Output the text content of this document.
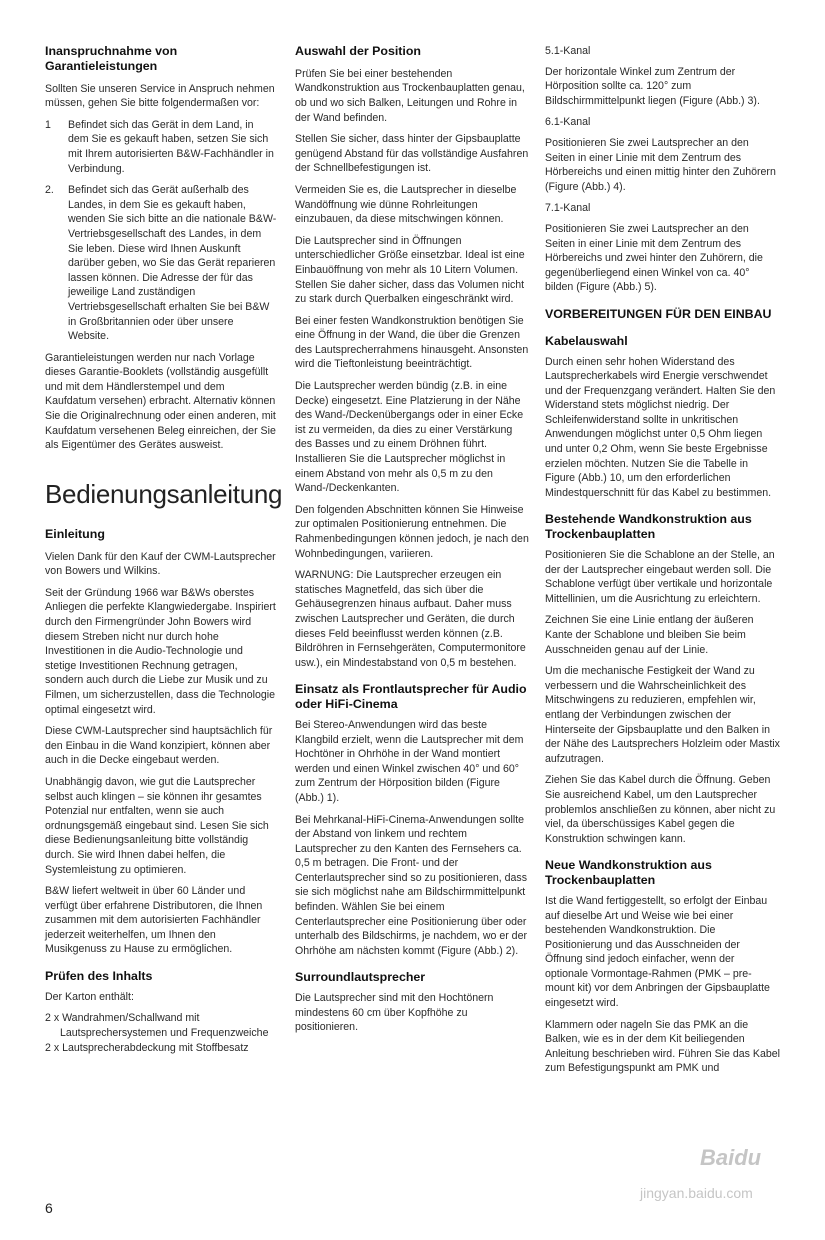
Inanspruchnahme von Garantieleistungen

Sollten Sie unseren Service in Anspruch nehmen müssen, gehen Sie bitte folgendermaßen vor:

1 Befindet sich das Gerät in dem Land, in dem Sie es gekauft haben, setzen Sie sich mit Ihrem autorisierten B&W-Fachhändler in Verbindung.
2. Befindet sich das Gerät außerhalb des Landes, in dem Sie es gekauft haben, wenden Sie sich bitte an die nationale B&W-Vertriebsgesellschaft des Landes, in dem Sie leben. Diese wird Ihnen Auskunft darüber geben, wo Sie das Gerät reparieren lassen können. Die Adresse der für das jeweilige Land zuständigen Vertriebsgesellschaft erhalten Sie bei B&W in Großbritannien oder über unsere Website.

Garantieleistungen werden nur nach Vorlage dieses Garantie-Booklets (vollständig ausgefüllt und mit dem Händlerstempel und dem Kaufdatum versehen) erbracht. Alternativ können Sie die Originalrechnung oder einen anderen, mit Kaufdatum versehenen Beleg einreichen, der Sie als Eigentümer des Gerätes ausweist.

Bedienungsanleitung
Einleitung

Vielen Dank für den Kauf der CWM-Lautsprecher von Bowers und Wilkins.

Seit der Gründung 1966 war B&Ws oberstes Anliegen die perfekte Klangwiedergabe. Inspiriert durch den Firmengründer John Bowers wird diesem Streben nicht nur durch hohe Investitionen in die Audio-Technologie und stetige Investitionen Rechnung getragen, sondern auch durch die Liebe zur Musik und zu Filmen, um sicherzustellen, dass die Technologie optimal eingesetzt wird.

Diese CWM-Lautsprecher sind hauptsächlich für den Einbau in die Wand konzipiert, können aber auch in die Decke eingebaut werden.

Unabhängig davon, wie gut die Lautsprecher selbst auch klingen – sie können ihr gesamtes Potenzial nur entfalten, wenn sie auch ordnungsgemäß eingebaut sind. Lesen Sie sich diese Bedienungsanleitung bitte vollständig durch. Sie wird Ihnen dabei helfen, die Systemleistung zu optimieren.

B&W liefert weltweit in über 60 Länder und verfügt über erfahrene Distributoren, die Ihnen zusammen mit dem autorisierten Fachhändler jederzeit weiterhelfen, um Ihnen den Musikgenuss zu Hause zu ermöglichen.

Prüfen des Inhalts

Der Karton enthält:

2 x Wandrahmen/Schallwand mit Lautsprechersystemen und Frequenzweiche

2 x Lautsprecherabdeckung mit Stoffbesatz

Auswahl der Position

Prüfen Sie bei einer bestehenden Wandkonstruktion aus Trockenbauplatten genau, ob und wo sich Balken, Leitungen und Rohre in der Wand befinden.

Stellen Sie sicher, dass hinter der Gipsbauplatte genügend Abstand für das vollständige Ausfahren der Schnellbefestigungen ist.

Vermeiden Sie es, die Lautsprecher in dieselbe Wandöffnung wie dünne Rohrleitungen einzubauen, da diese mitschwingen können.

Die Lautsprecher sind in Öffnungen unterschiedlicher Größe einsetzbar. Ideal ist eine Einbauöffnung von mehr als 10 Litern Volumen. Stellen Sie daher sicher, dass das Volumen nicht zu stark durch Querbalken eingeschränkt wird.

Bei einer festen Wandkonstruktion benötigen Sie eine Öffnung in der Wand, die über die Grenzen des Lautsprecherrahmens hinausgeht. Ansonsten wird die Tieftonleistung beeinträchtigt.

Die Lautsprecher werden bündig (z.B. in eine Decke) eingesetzt. Eine Platzierung in der Nähe des Wand-/Deckenübergangs oder in einer Ecke ist zu vermeiden, da dies zu einer Verstärkung des Basses und zu einem Dröhnen führt. Installieren Sie die Lautsprecher möglichst in einem Abstand von mehr als 0,5 m zu den Wand-/Deckenkanten.

Den folgenden Abschnitten können Sie Hinweise zur optimalen Positionierung entnehmen. Die Rahmenbedingungen können jedoch, je nach den Wohnbedingungen, variieren.

WARNUNG: Die Lautsprecher erzeugen ein statisches Magnetfeld, das sich über die Gehäusegrenzen hinaus aufbaut. Daher muss zwischen Lautsprecher und Geräten, die durch dieses Feld beeinflusst werden können (z.B. Bildröhren in Fernsehgeräten, Computermonitore usw.), ein Mindestabstand von 0,5 m bestehen.

Einsatz als Frontlautsprecher für Audio oder HiFi-Cinema

Bei Stereo-Anwendungen wird das beste Klangbild erzielt, wenn die Lautsprecher mit dem Hochtöner in Ohrhöhe in der Wand montiert werden und einen Winkel zwischen 40° und 60° zum Zentrum der Hörposition bilden (Figure (Abb.) 1).

Bei Mehrkanal-HiFi-Cinema-Anwendungen sollte der Abstand von linkem und rechtem Lautsprecher zu den Kanten des Fernsehers ca. 0,5 m betragen. Die Front- und der Centerlautsprecher sind so zu positionieren, dass sie sich möglichst nahe am Bildschirmmittelpunkt befinden. Wählen Sie bei einem Centerlautsprecher eine Positionierung über oder unterhalb des Bildschirms, je nachdem, wo er der Ohrhöhe am nächsten kommt (Figure (Abb.) 2).

Surroundlautsprecher

Die Lautsprecher sind mit den Hochtönern mindestens 60 cm über Kopfhöhe zu positionieren.

5.1-Kanal

Der horizontale Winkel zum Zentrum der Hörposition sollte ca. 120° zum Bildschirmmittelpunkt liegen (Figure (Abb.) 3).

6.1-Kanal

Positionieren Sie zwei Lautsprecher an den Seiten in einer Linie mit dem Zentrum des Hörbereichs und einen mittig hinter den Zuhörern (Figure (Abb.) 4).

7.1-Kanal

Positionieren Sie zwei Lautsprecher an den Seiten in einer Linie mit dem Zentrum des Hörbereichs und zwei hinter den Zuhörern, die gegenüberliegend einen Winkel von ca. 40° bilden (Figure (Abb.) 5).

VORBEREITUNGEN FÜR DEN EINBAU
Kabelauswahl

Durch einen sehr hohen Widerstand des Lautsprecherkabels wird Energie verschwendet und der Frequenzgang verändert. Halten Sie den Widerstand stets möglichst niedrig. Der Schleifenwiderstand sollte in unkritischen Anwendungen möglichst unter 0,5 Ohm liegen und unter 0,2 Ohm, wenn Sie beste Ergebnisse erzielen möchten. Nutzen Sie die Tabelle in Figure (Abb.) 10, um den erforderlichen Mindestquerschnitt für das Kabel zu bestimmen.

Bestehende Wandkonstruktion aus Trockenbauplatten

Positionieren Sie die Schablone an der Stelle, an der der Lautsprecher eingebaut werden soll. Die Schablone verfügt über vertikale und horizontale Mittellinien, um die Ausrichtung zu erleichtern.

Zeichnen Sie eine Linie entlang der äußeren Kante der Schablone und bleiben Sie beim Ausschneiden genau auf der Linie.

Um die mechanische Festigkeit der Wand zu verbessern und die Wahrscheinlichkeit des Mitschwingens zu reduzieren, empfehlen wir, entlang der Verbindungen zwischen der Hinterseite der Gipsbauplatte und den Balken in der Nähe des Lautsprechers Holzleim oder Mastix aufzutragen.

Ziehen Sie das Kabel durch die Öffnung. Geben Sie ausreichend Kabel, um den Lautsprecher problemlos anschließen zu können, aber nicht zu viel, da überschüssiges Kabel gegen die Konstruktion schwingen kann.

Neue Wandkonstruktion aus Trockenbauplatten

Ist die Wand fertiggestellt, so erfolgt der Einbau auf dieselbe Art und Weise wie bei einer bestehenden Wandkonstruktion. Die Positionierung und das Ausschneiden der Öffnung sind jedoch einfacher, wenn der optionale Vormontage-Rahmen (PMK – pre-mount kit) vor dem Anbringen der Gipsbauplatte eingesetzt wird.

Klammern oder nageln Sie das PMK an die Balken, wie es in der dem Kit beiliegenden Anleitung beschrieben wird. Führen Sie das Kabel zum Befestigungspunkt am PMK und

6
Baidu
jingyan.baidu.com
